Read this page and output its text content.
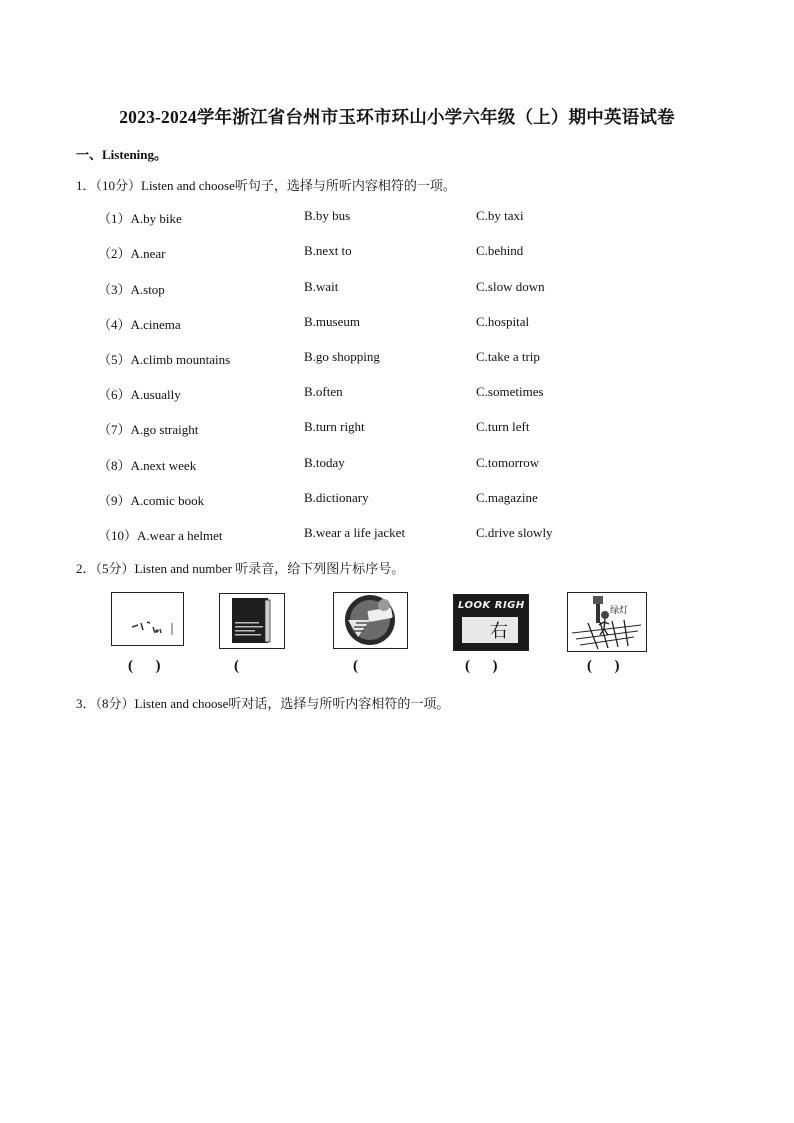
2023-2024学年浙江省台州市玉环市环山小学六年级（上）期中英语试卷
一、Listening。
1．（10分）Listen and choose听句子，选择与所听内容相符的一项。
（1）A.by bike	B.by bus	C.by taxi
（2）A.near	B.next to	C.behind
（3）A.stop	B.wait	C.slow down
（4）A.cinema	B.museum	C.hospital
（5）A.climb mountains	B.go shopping	C.take a trip
（6）A.usually	B.often	C.sometimes
（7）A.go straight	B.turn right	C.turn left
（8）A.next week	B.today	C.tomorrow
（9）A.comic book	B.dictionary	C.magazine
（10）A.wear a helmet	B.wear a life jacket	C.drive slowly
2．（5分）Listen and number 听录音，给下列图片标序号。
LOOK RIGH
右
绿灯
(      )	(	(	(      )	(      )
3．（8分）Listen and choose听对话，选择与所听内容相符的一项。
